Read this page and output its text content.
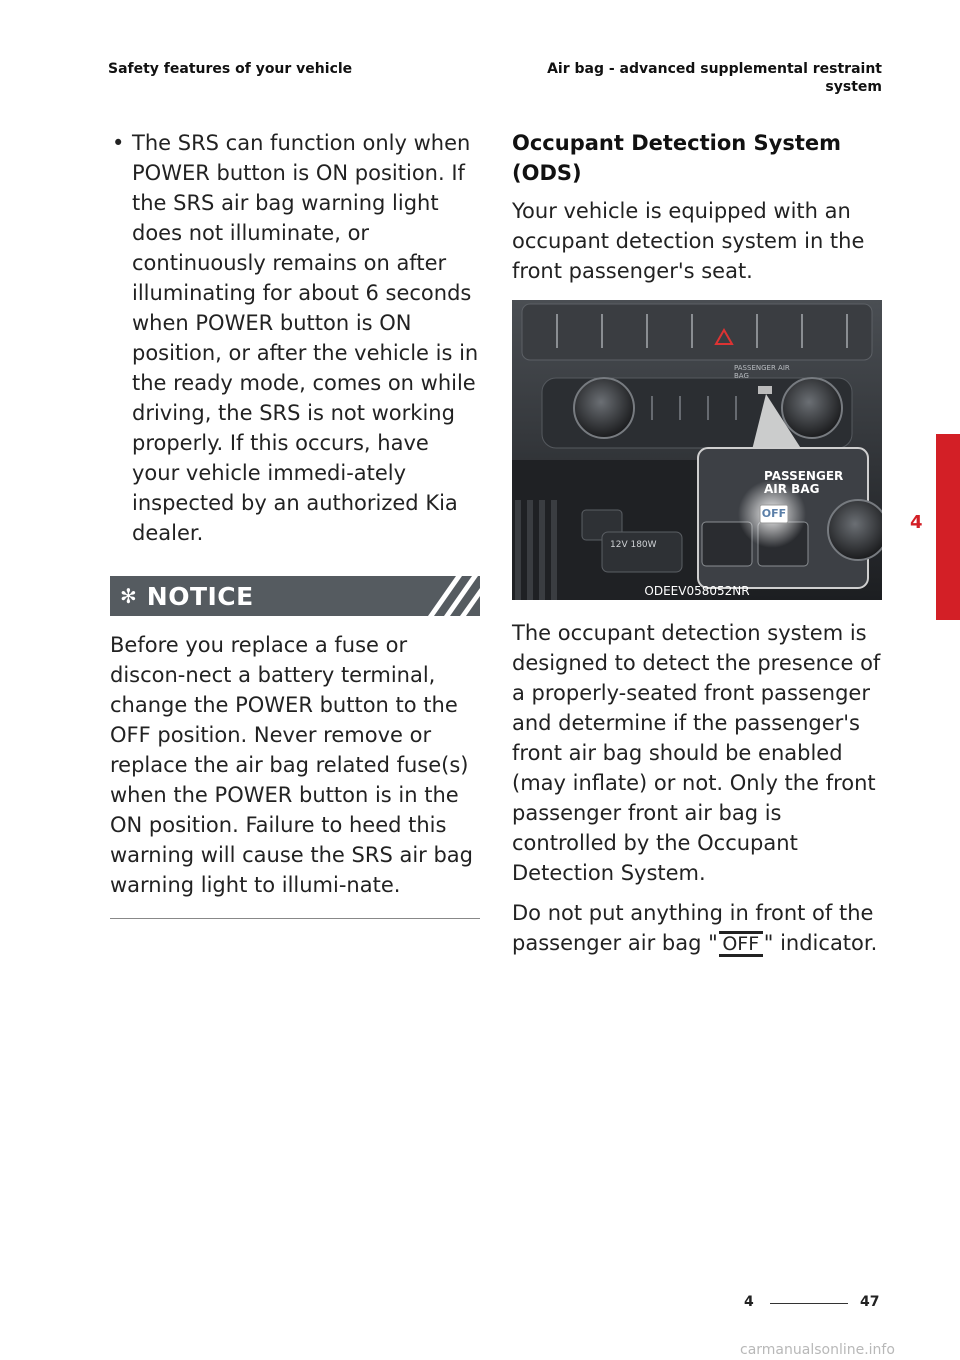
Safety features of your vehicle	Air bag - advanced supplemental restraint
system
• The SRS can function only when POWER button is ON position. If the SRS air bag warning light does not illuminate, or continuously remains on after illuminating for about 6 seconds when POWER button is ON position, or after the vehicle is in the ready mode, comes on while driving, the SRS is not working properly. If this occurs, have your vehicle immedi-ately inspected by an authorized Kia dealer.
✻ NOTICE
Before you replace a fuse or discon-nect a battery terminal, change the POWER button to the OFF position. Never remove or replace the air bag related fuse(s) when the POWER button is in the ON position. Failure to heed this warning will cause the SRS air bag warning light to illumi-nate.
Occupant Detection System (ODS)
Your vehicle is equipped with an occupant detection system in the front passenger's seat.
12V 180W
PASSENGER AIR BAG
PASSENGER
AIR BAG
OFF
ODEEV058052NR
The occupant detection system is designed to detect the presence of a properly-seated front passenger and determine if the passenger's front air bag should be enabled (may inflate) or not. Only the front passenger front air bag is controlled by the Occupant Detection System.
Do not put anything in front of the passenger air bag " OFF " indicator.
4
4	47
carmanualsonline.info
